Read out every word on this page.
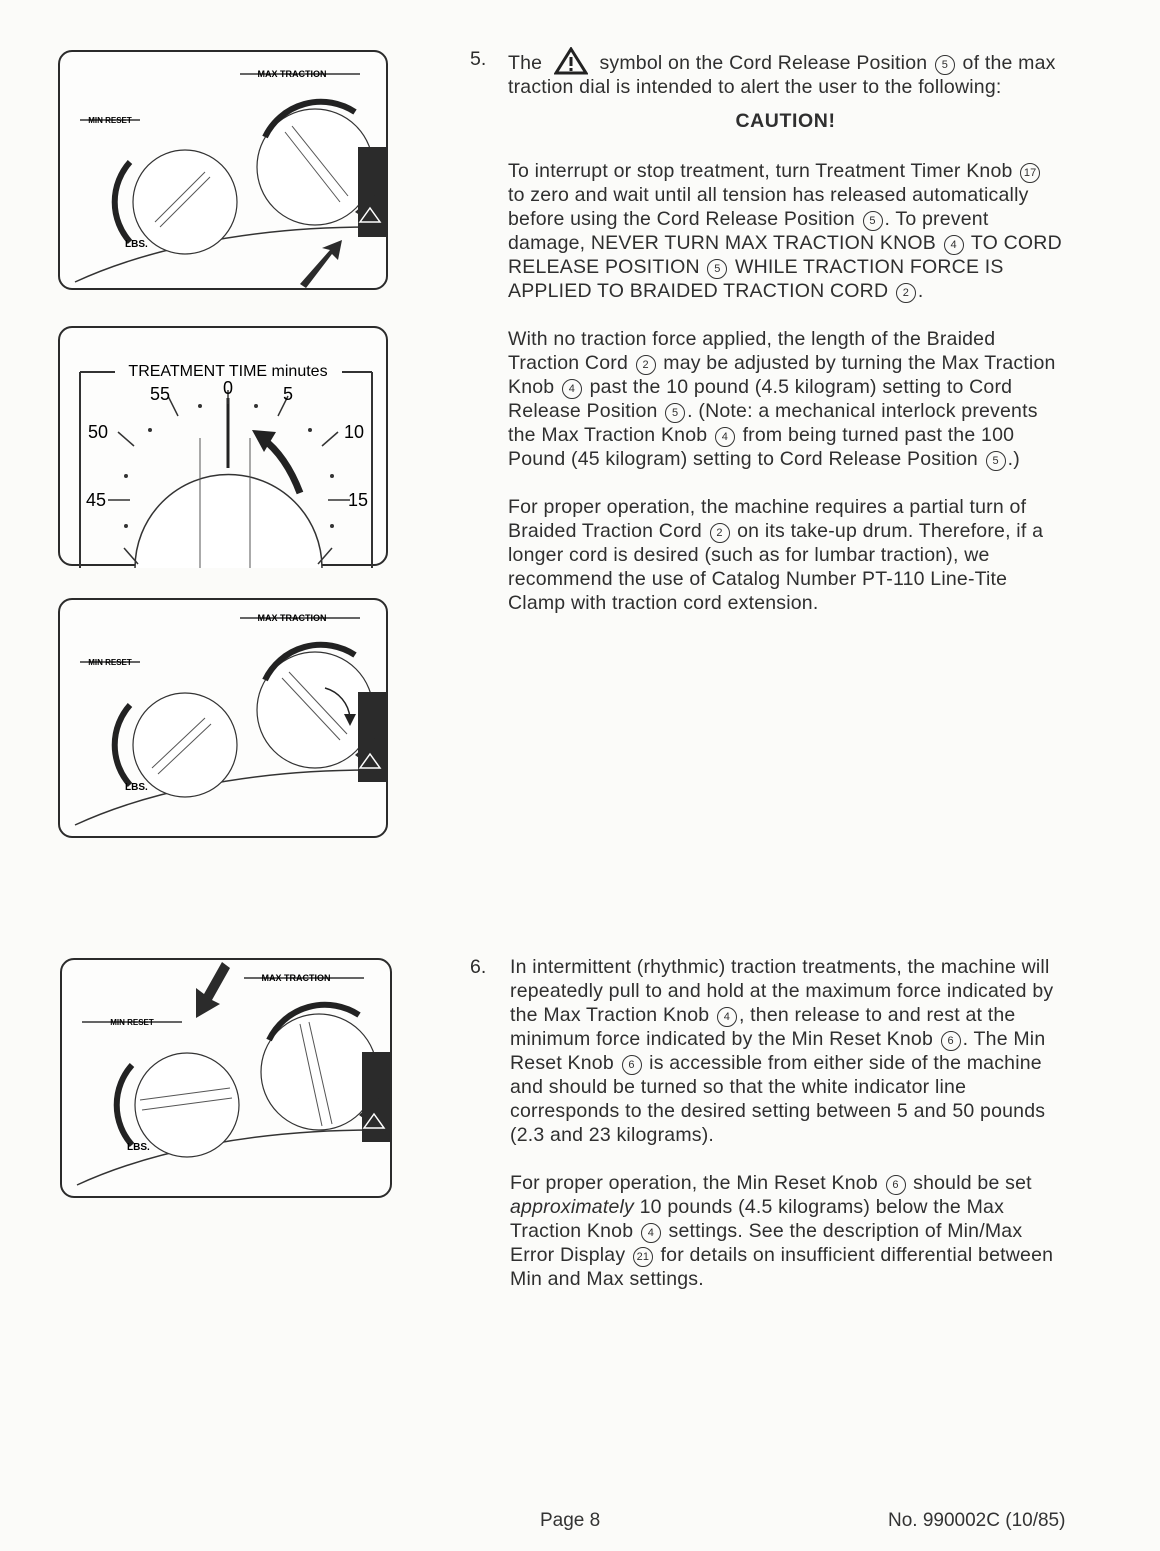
MAX TRACTION
MIN RESET
LBS.
TREATMENT TIME minutes
55	0	5
50	10
45	15
MAX TRACTION
MIN RESET
LBS.
MAX TRACTION
MIN RESET
LBS.
5. The	symbol on the Cord Release Position 5 of the max traction dial is intended to alert the user to the following:

CAUTION!

To interrupt or stop treatment, turn Treatment Timer Knob 17 to zero and wait until all tension has released automatically before using the Cord Release Position 5 . To prevent damage, NEVER TURN MAX TRACTION KNOB 4 TO CORD RELEASE POSITION 5 WHILE TRACTION FORCE IS APPLIED TO BRAIDED TRACTION CORD 2 .

With no traction force applied, the length of the Braided Traction Cord 2 may be adjusted by turning the Max Traction Knob 4 past the 10 pound (4.5 kilogram) setting to Cord Release Position 5 . (Note: a mechanical interlock prevents the Max Traction Knob 4 from being turned past the 100 Pound (45 kilogram) setting to Cord Release Position 5 .)

For proper operation, the machine requires a partial turn of Braided Traction Cord 2 on its take-up drum. Therefore, if a longer cord is desired (such as for lumbar traction), we recommend the use of Catalog Number PT-110 Line-Tite Clamp with traction cord extension.

6. In intermittent (rhythmic) traction treatments, the machine will repeatedly pull to and hold at the maximum force indicated by the Max Traction Knob 4 , then release to and rest at the minimum force indicated by the Min Reset Knob 6 . The Min Reset Knob 6 is accessible from either side of the machine and should be turned so that the white indicator line corresponds to the desired setting between 5 and 50 pounds (2.3 and 23 kilograms).

For proper operation, the Min Reset Knob 6 should be set approximately 10 pounds (4.5 kilograms) below the Max Traction Knob 4 settings. See the description of Min/Max Error Display 21 for details on insufficient differential between Min and Max settings.

Page 8	No. 990002C (10/85)
